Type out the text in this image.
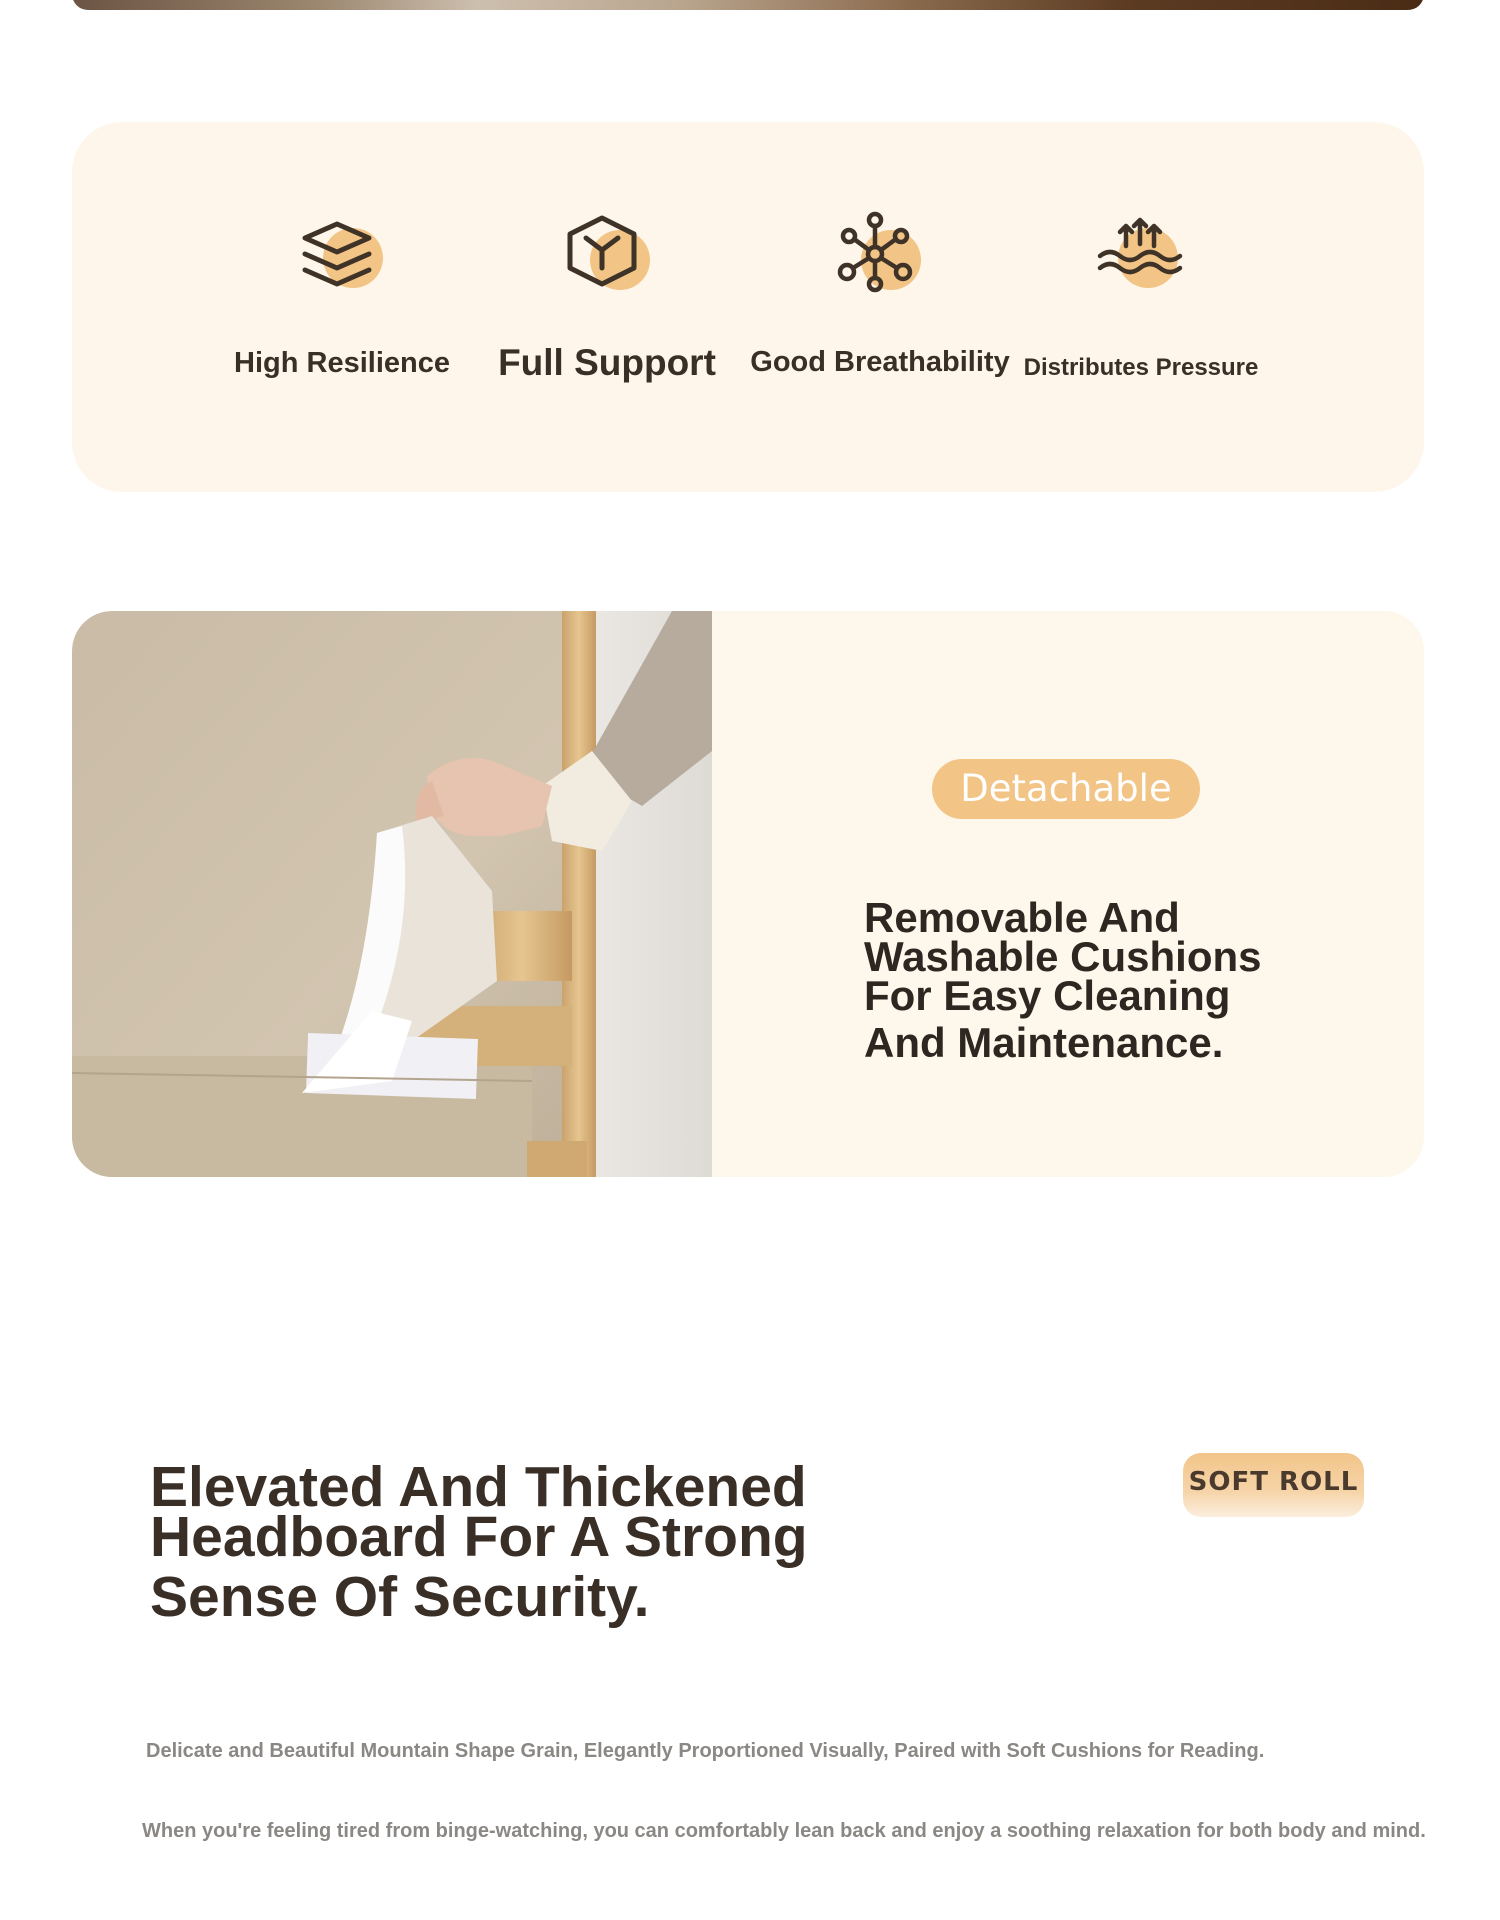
High Resilience	Full Support	Good Breathability Distributes Pressure
Detachable
Removable And
Washable Cushions
For Easy Cleaning
And Maintenance.
Elevated And Thickened
Headboard For A Strong
Sense Of Security.
SOFT ROLL

Delicate and Beautiful Mountain Shape Grain, Elegantly Proportioned Visually, Paired with Soft Cushions for Reading.

When you're feeling tired from binge-watching, you can comfortably lean back and enjoy a soothing relaxation for both body and mind.
